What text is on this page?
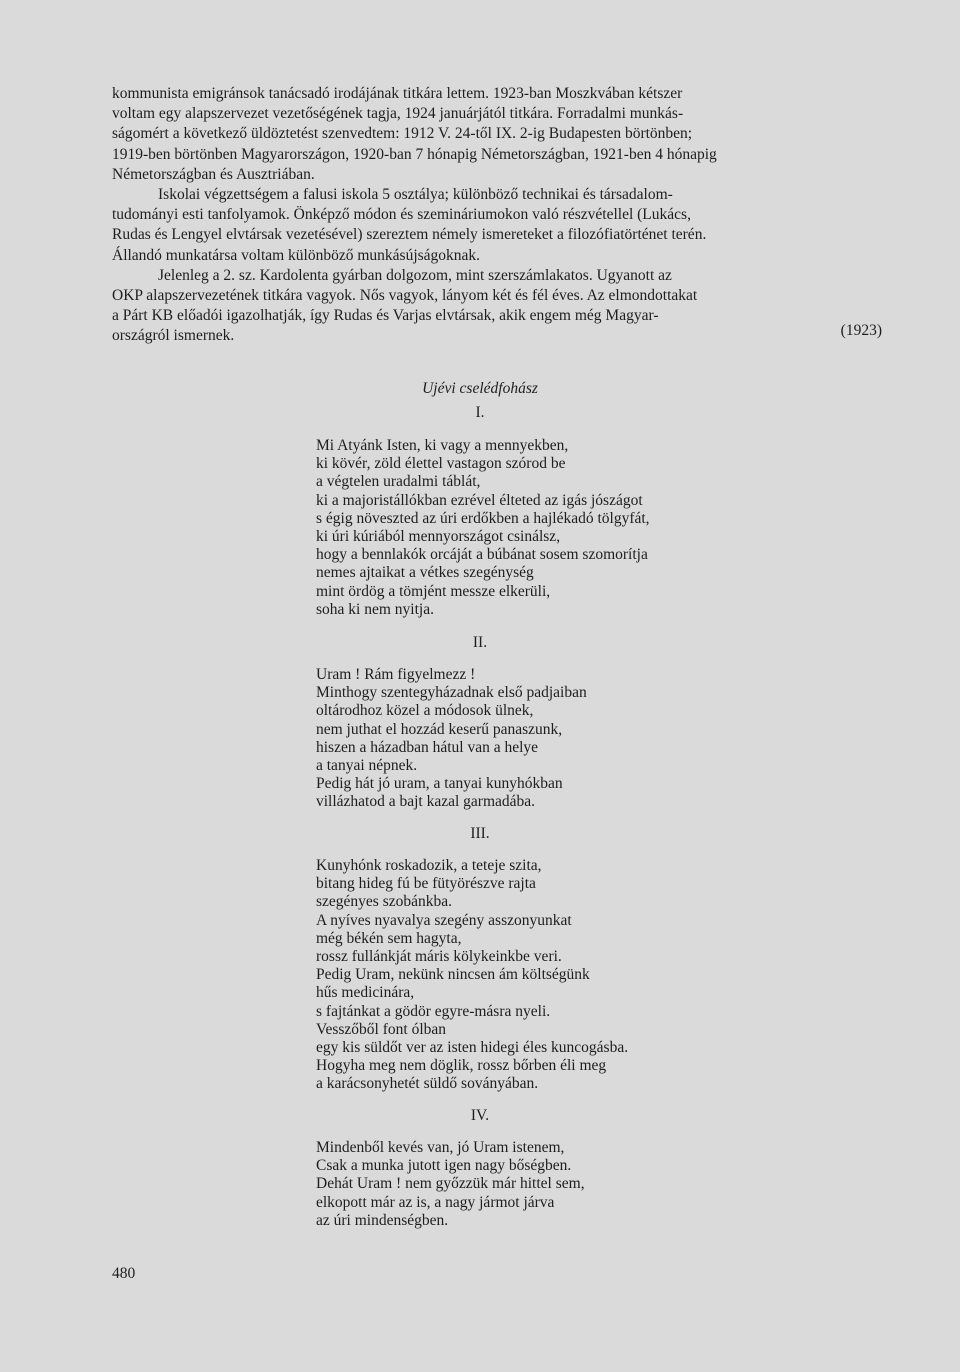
kommunista emigránsok tanácsadó irodájának titkára lettem. 1923-ban Moszkvában kétszer
voltam egy alapszervezet vezetőségének tagja, 1924 januárjától titkára. Forradalmi munkás-
ságomért a következő üldöztetést szenvedtem: 1912 V. 24-től IX. 2-ig Budapesten börtönben;
1919-ben börtönben Magyarországon, 1920-ban 7 hónapig Németországban, 1921-ben 4 hónapig
Németországban és Ausztriában.

Iskolai végzettségem a falusi iskola 5 osztálya; különböző technikai és társadalom-
tudományi esti tanfolyamok. Önképző módon és szemináriumokon való részvétellel (Lukács,
Rudas és Lengyel elvtársak vezetésével) szereztem némely ismereteket a filozófiatörténet terén.
Állandó munkatársa voltam különböző munkásújságoknak.

Jelenleg a 2. sz. Kardolenta gyárban dolgozom, mint szerszámlakatos. Ugyanott az
OKP alapszervezetének titkára vagyok. Nős vagyok, lányom két és fél éves. Az elmondottakat
a Párt KB előadói igazolhatják, így Rudas és Varjas elvtársak, akik engem még Magyar-
országról ismernek.	(1923)
Ujévi cselédfohász
I.
Mi Atyánk Isten, ki vagy a mennyekben,
ki kövér, zöld élettel vastagon szórod be
a végtelen uradalmi táblát,
ki a majoristállókban ezrével élteted az igás jószágot
s égig növeszted az úri erdőkben a hajlékadó tölgyfát,
ki úri kúriából mennyországot csinálsz,
hogy a bennlakók orcáját a búbánat sosem szomorítja
nemes ajtaikat a vétkes szegénység
mint ördög a tömjént messze elkerüli,
soha ki nem nyitja.
II.
Uram ! Rám figyelmezz !
Minthogy szentegyházadnak első padjaiban
oltárodhoz közel a módosok ülnek,
nem juthat el hozzád keserű panaszunk,
hiszen a házadban hátul van a helye
a tanyai népnek.
Pedig hát jó uram, a tanyai kunyhókban
villázhatod a bajt kazal garmadába.
III.
Kunyhónk roskadozik, a teteje szita,
bitang hideg fú be fütyörészve rajta
szegényes szobánkba.
A nyíves nyavalya szegény asszonyunkat
még békén sem hagyta,
rossz fullánkját máris kölykeinkbe veri.
Pedig Uram, nekünk nincsen ám költségünk
hűs medicinára,
s fajtánkat a gödör egyre-másra nyeli.
Vesszőből font ólban
egy kis süldőt ver az isten hidegi éles kuncogásba.
Hogyha meg nem döglik, rossz bőrben éli meg
a karácsonyhetét süldő soványában.
IV.
Mindenből kevés van, jó Uram istenem,
Csak a munka jutott igen nagy bőségben.
Dehát Uram ! nem győzzük már hittel sem,
elkopott már az is, a nagy jármot járva
az úri mindenségben.
480
